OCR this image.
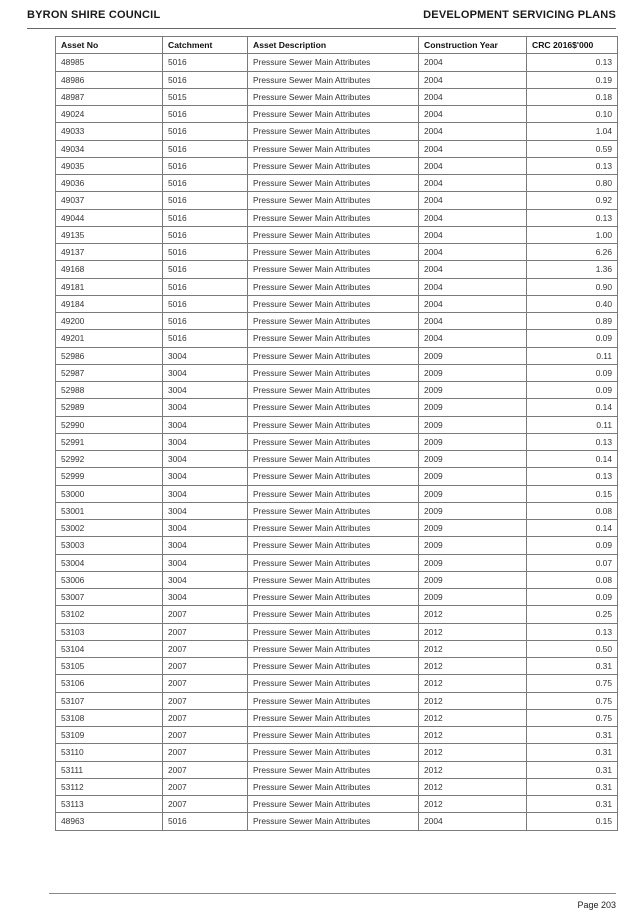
BYRON SHIRE COUNCIL	DEVELOPMENT SERVICING PLANS
Asset No	Catchment	Asset Description	Construction Year	CRC 2016$'000
48985	5016	Pressure Sewer Main Attributes	2004	0.13
48986	5016	Pressure Sewer Main Attributes	2004	0.19
48987	5015	Pressure Sewer Main Attributes	2004	0.18
49024	5016	Pressure Sewer Main Attributes	2004	0.10
49033	5016	Pressure Sewer Main Attributes	2004	1.04
49034	5016	Pressure Sewer Main Attributes	2004	0.59
49035	5016	Pressure Sewer Main Attributes	2004	0.13
49036	5016	Pressure Sewer Main Attributes	2004	0.80
49037	5016	Pressure Sewer Main Attributes	2004	0.92
49044	5016	Pressure Sewer Main Attributes	2004	0.13
49135	5016	Pressure Sewer Main Attributes	2004	1.00
49137	5016	Pressure Sewer Main Attributes	2004	6.26
49168	5016	Pressure Sewer Main Attributes	2004	1.36
49181	5016	Pressure Sewer Main Attributes	2004	0.90
49184	5016	Pressure Sewer Main Attributes	2004	0.40
49200	5016	Pressure Sewer Main Attributes	2004	0.89
49201	5016	Pressure Sewer Main Attributes	2004	0.09
52986	3004	Pressure Sewer Main Attributes	2009	0.11
52987	3004	Pressure Sewer Main Attributes	2009	0.09
52988	3004	Pressure Sewer Main Attributes	2009	0.09
52989	3004	Pressure Sewer Main Attributes	2009	0.14
52990	3004	Pressure Sewer Main Attributes	2009	0.11
52991	3004	Pressure Sewer Main Attributes	2009	0.13
52992	3004	Pressure Sewer Main Attributes	2009	0.14
52999	3004	Pressure Sewer Main Attributes	2009	0.13
53000	3004	Pressure Sewer Main Attributes	2009	0.15
53001	3004	Pressure Sewer Main Attributes	2009	0.08
53002	3004	Pressure Sewer Main Attributes	2009	0.14
53003	3004	Pressure Sewer Main Attributes	2009	0.09
53004	3004	Pressure Sewer Main Attributes	2009	0.07
53006	3004	Pressure Sewer Main Attributes	2009	0.08
53007	3004	Pressure Sewer Main Attributes	2009	0.09
53102	2007	Pressure Sewer Main Attributes	2012	0.25
53103	2007	Pressure Sewer Main Attributes	2012	0.13
53104	2007	Pressure Sewer Main Attributes	2012	0.50
53105	2007	Pressure Sewer Main Attributes	2012	0.31
53106	2007	Pressure Sewer Main Attributes	2012	0.75
53107	2007	Pressure Sewer Main Attributes	2012	0.75
53108	2007	Pressure Sewer Main Attributes	2012	0.75
53109	2007	Pressure Sewer Main Attributes	2012	0.31
53110	2007	Pressure Sewer Main Attributes	2012	0.31
53111	2007	Pressure Sewer Main Attributes	2012	0.31
53112	2007	Pressure Sewer Main Attributes	2012	0.31
53113	2007	Pressure Sewer Main Attributes	2012	0.31
48963	5016	Pressure Sewer Main Attributes	2004	0.15
Page 203
